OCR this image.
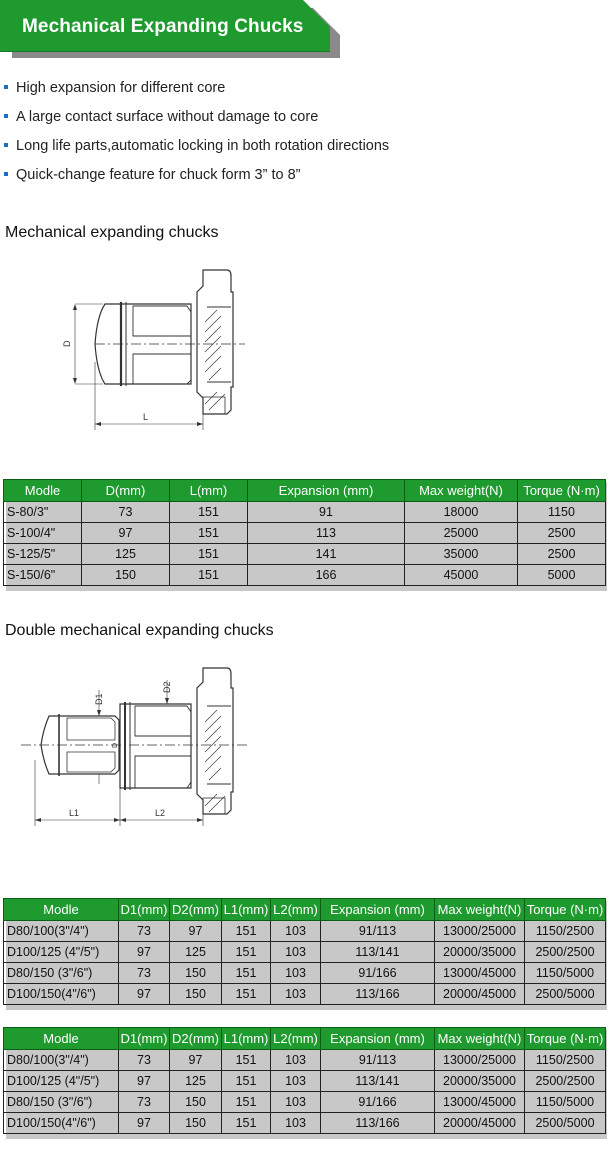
Mechanical Expanding Chucks
High expansion for different core
A large contact surface without damage to core
Long life parts,automatic locking in both rotation directions
Quick-change feature for chuck form 3” to 8”
Mechanical expanding chucks
D
L
Modle	D(mm)	L(mm)	Expansion (mm)	Max weight(N)	Torque (N·m)
S-80/3"	73	151	91	18000	1150
S-100/4"	97	151	113	25000	2500
S-125/5"	125	151	141	35000	2500
S-150/6"	150	151	166	45000	5000
Double mechanical expanding chucks
D1
D2
D
L1	L2
Modle	D1(mm)	D2(mm)	L1(mm)	L2(mm)	Expansion (mm)	Max weight(N)	Torque (N·m)
D80/100(3"/4")	73	97	151	103	91/113	13000/25000	1150/2500
D100/125 (4"/5")	97	125	151	103	113/141	20000/35000	2500/2500
D80/150 (3"/6")	73	150	151	103	91/166	13000/45000	1150/5000
D100/150(4"/6")	97	150	151	103	113/166	20000/45000	2500/5000
Modle	D1(mm)	D2(mm)	L1(mm)	L2(mm)	Expansion (mm)	Max weight(N)	Torque (N·m)
D80/100(3"/4")	73	97	151	103	91/113	13000/25000	1150/2500
D100/125 (4"/5")	97	125	151	103	113/141	20000/35000	2500/2500
D80/150 (3"/6")	73	150	151	103	91/166	13000/45000	1150/5000
D100/150(4"/6")	97	150	151	103	113/166	20000/45000	2500/5000
